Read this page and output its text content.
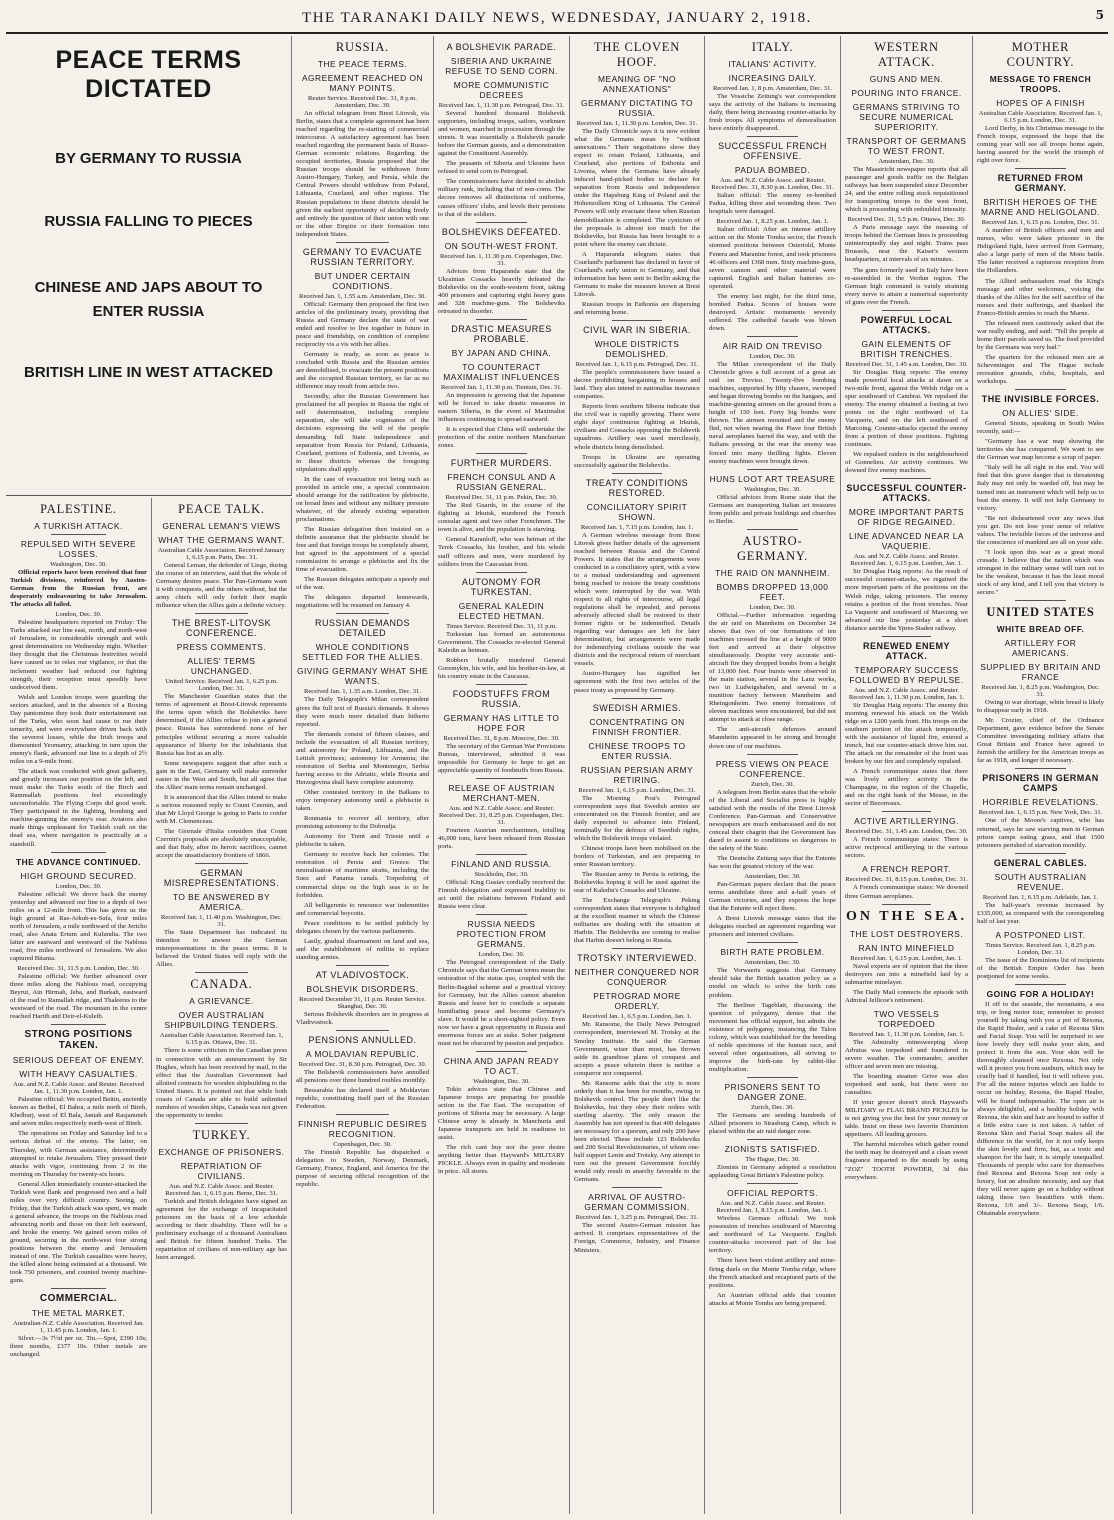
THE TARANAKI DAILY NEWS, WEDNESDAY, JANUARY 2, 1918.	5
PEACE TERMS DICTATED
BY GERMANY TO RUSSIA
RUSSIA FALLING TO PIECES
CHINESE AND JAPS ABOUT TO ENTER RUSSIA
BRITISH LINE IN WEST ATTACKED
PALESTINE.
A TURKISH ATTACK.
REPULSED WITH SEVERE LOSSES.
Washington, Dec. 30.

Official reports have been received that four Turkish divisions, reinforced by Austro-German from the Russian front, are desperately endeavouring to take Jerusalem. The attacks all failed.

London, Dec. 30.

Palestine headquarters reported on Friday: The Turks attacked our line east, north, and north-west of Jerusalem, in considerable strength and with great determination on Wednesday night. Whether they thought that the Christmas festivities would have caused us to relax our vigilance, or that the inclement weather had reduced our fighting strength, their reception must speedily have undeceived them.

Welsh and London troops were guarding the sectors attacked, and in the absence of a Boxing Day pantomime they took their entertainment out of the Turks, who soon had cause to rue their temerity, and were everywhere driven back with the severest losses, while the Irish troops and dismounted Yeomanry, attacking in turn upon the enemy's flank, advanced our line to a depth of 2½ miles on a 9-mile front.

The attack was conducted with great gallantry, and greatly increases our position on the left, and must make the Turks south of the Birch and Rammallah positions feel exceedingly uncomfortable. The Flying Corps did good work. They participated in the fighting, bombing and machine-gunning the enemy's rear. Aviators also made things unpleasant for Turkish craft on the dead sea, where navigation is practically at a standstill.

THE ADVANCE CONTINUED.
HIGH GROUND SECURED.
London, Dec. 30.

Palestine official: We drove back the enemy yesterday and advanced our line to a depth of two miles on a 12-mile front. This has given us the high ground at Ras-Arkub-es-Sufa, four miles north of Jerusalem, a mile northward of the Jericho road, also Anata Ertum and Kulundia. The two latter are eastward and westward of the Nablous road, five miles northward of Jerusalem. We also captured Bitania.

Received Dec. 31, 11.5 p.m. London, Dec. 30.

Palestine official: We further advanced over three miles along the Nablous road, occupying Beyrut, Ain Hirmah, Jeba, and Burkah, eastward of the road to Ramallah ridge, and Thaleeres to the westward of the road. The mountain in the centre reached Harith and Deir-el-Kuleib.

STRONG POSITIONS TAKEN.
SERIOUS DEFEAT OF ENEMY.
WITH HEAVY CASUALTIES.
Aus. and N.Z. Cable Assoc. and Reuter. Received Jan. 1, 11.30 p.m. London, Jan. 1.

Palestine official: We occupied Beitin, anciently known as Bethel, El Bahra, a mile north of Bireh, Khelburj, west of El Bala, Janiah and Rasjanuneh and seven miles respectively north-west of Bireh.

The operations on Friday and Saturday led to a serious defeat of the enemy. The latter, on Thursday, with German assistance, determinedly attempted to retake Jerusalem. They pressed their attacks with vigor, continuing from 2 in the morning on Thursday for twenty-six hours.

General Allen immediately counter-attacked the Turkish west flank and progressed two and a half miles over very difficult country. Seeing, on Friday, that the Turkish attack was spent, we made a general advance, the troops on the Nablous road advancing north and those on their left eastward, and broke the enemy. We gained seven miles of ground, securing in the north-west four strong positions between the enemy and Jerusalem instead of one. The Turkish casualties were heavy, the killed alone being estimated at a thousand. We took 750 prisoners, and counted twenty machine-guns.

COMMERCIAL.
THE METAL MARKET.
Australian-N.Z. Cable Association. Received Jan. 1, 11.45 p.m. London, Jan. 1.

Silver.—3s 7½d per oz. Tin.—Spot, £390 10s; three months, £377 10s. Other metals are unchanged.

PEACE TALK.
GENERAL LEMAN'S VIEWS
WHAT THE GERMANS WANT.
Australian Cable Association. Received January 1, 6.15 p.m. Paris, Dec. 31.

General Leman, the defender of Liege, during the course of an interview, said that the whole of Germany desires peace. The Pan-Germans want it with conquests, and the others without, but the army chiefs will only forfeit their maple influence when the Allies gain a definite victory.

THE BREST-LITOVSK CONFERENCE.
PRESS COMMENTS.
ALLIES' TERMS UNCHANGED.
United Service. Received Jan. 1, 6.25 p.m. London, Dec. 31.

The Manchester Guardian states that the terms of agreement at Brest-Litovsk represents the terms upon which the Bolsheviks have determined, if the Allies refuse to join a general peace. Russia has surrendered none of her principles without securing a more valuable appearance of liberty for the inhabitants that Russia has lost as an ally.

Some newspapers suggest that after such a gain in the East, Germany will make surrender easier in the West and South, but all agree that the Allies' main terms remain unchanged.

It is announced that the Allies intend to make a serious reasoned reply to Count Czernin, and that Mr Lloyd George is going to Paris to confer with M. Clemenceau.

The Giornale d'Italia considers that Count Czernin's proposals are absolutely unacceptable, and that Italy, after its heroic sacrifices, cannot accept the unsatisfactory frontiers of 1866.

GERMAN MISREPRESENTATIONS.
TO BE ANSWERED BY AMERICA.
Received Jan. 1, 11.40 p.m. Washington, Dec. 31.

The State Department has indicated its intention to answer the German misrepresentations in the peace terms. It is believed the United States will reply with the Allies.

CANADA.
A GRIEVANCE.
OVER AUSTRALIAN SHIPBUILDING TENDERS.
Australian Cable Association. Received Jan. 1, 6.15 p.m. Ottawa, Dec. 31.

There is some criticism in the Canadian press in connection with an announcement by Sir Hughes, which has been received by mail, to the effect that the Australian Government had allotted contracts for wooden shipbuilding to the United States. It is pointed out that while both coasts of Canada are able to build unlimited numbers of wooden ships, Canada was not given the opportunity to tender.

TURKEY.
EXCHANGE OF PRISONERS.
REPATRIATION OF CIVILIANS.
Aus. and N.Z. Cable Assoc. and Reuter. Received Jan. 1, 6.15 p.m. Berne, Dec. 31.

Turkish and British delegates have signed an agreement for the exchange of incapacitated prisoners on the basis of a low schedule according to their disability. There will be a preliminary exchange of a thousand Australians and British for fifteen hundred Turks. The repatriation of civilians of non-military age has been arranged.

RUSSIA.
THE PEACE TERMS.
AGREEMENT REACHED ON MANY POINTS.
Reuter Service. Received Dec. 31, 8 p.m. Amsterdam, Dec. 30.

An official telegram from Brest Litovsk, via Berlin, states that a complete agreement has been reached regarding the re-starting of commercial intercourse. A satisfactory agreement has been reached regarding the permanent basis of Russo-German economic relations. Regarding the occupied territories, Russia proposed that the Russian troops should be withdrawn from Austro-Hungary, Turkey, and Persia, while the Central Powers should withdraw from Poland, Lithuania, Courland, and other regions. The Russian populations in these districts should be given the earliest opportunity of deciding freely and entirely the question of their union with one or the other Empire or their formation into independent States.

GERMANY TO EVACUATE RUSSIAN TERRITORY.
BUT UNDER CERTAIN CONDITIONS.
Received Jan. 1, 1.55 a.m. Amsterdam, Dec. 30.

Official: Germany then proposed the first two articles of the preliminary treaty, providing that Russia and Germany declare the state of war ended and resolve to live together in future in peace and friendship, on condition of complete reciprocity vis a vis with her allies.

Germany is ready, as soon as peace is concluded with Russia and the Russian armies are demobilised, to evacuate the present positions and the occupied Russian territory, so far as no difference may result from article two.

Secondly, after the Russian Government has proclaimed for all peoples in Russia the right of self determination, including complete separation, she will take cognisance of the decisions expressing the will of the people demanding full State independence and separation from Russia for Poland, Lithuania, Courland, portions of Esthonia, and Livonia, as in these districts whereas the foregoing stipulations shall apply.

In the case of evacuation not being such as provided in article one, a special commission should arrange for the ratification by plebiscite, on broad lines and without any military pressure whatever, of the already existing separation proclamations.

The Russian delegation then insisted on a definite assurance that the plebiscite should be free and that foreign troops be completely absent, but agreed to the appointment of a special commission to arrange a plebiscite and fix the time of evacuation.

The Russian delegates anticipate a speedy end of the war.

The delegates departed homewards, negotiations will be resumed on January 4.

RUSSIAN DEMANDS DETAILED
WHOLE CONDITIONS SETTLED FOR THE ALLIES.
GIVING GERMANY WHAT SHE WANTS.
Received Jan. 1, 1.35 a.m. London, Dec. 31.

The Daily Telegraph's Milan correspondent gives the full text of Russia's demands. It shows they were much more detailed than hitherto reported.

The demands consist of fifteen clauses, and include the evacuation of all Russian territory, and autonomy for Poland, Lithuania, and the Lettish provinces; autonomy for Armenia; the restoration of Serbia and Montenegro, Serbia having access to the Adriatic, while Bosnia and Herzegovina shall have complete autonomy.

Other contested territory in the Balkans to enjoy temporary autonomy until a plebiscite is taken.

Roumania to recover all territory, after promising autonomy to the Dobrudja.

Autonomy for Trent and Trieste until a plebiscite is taken.

Germany to receive back her colonies. The restoration of Persia and Greece. The neutralisation of maritime straits, including the Suez and Panama canals. Torpedoing of commercial ships on the high seas is to be forbidden.

All belligerents to renounce war indemnities and commercial boycotts.

Peace conditions to be settled publicly by delegates chosen by the various parliaments.

Lastly, gradual disarmament on land and sea, and the establishment of militia to replace standing armies.

AT VLADIVOSTOCK.
BOLSHEVIK DISORDERS.
Received December 31, 11 p.m. Reuter Service. Shanghai, Dec. 30.

Serious Bolshevik disorders are in progress at Vladivostock.

PENSIONS ANNULLED.
A MOLDAVIAN REPUBLIC.
Received Dec. 31, 8.30 p.m. Petrograd, Dec. 30.

The Bolshevik commissioners have annulled all pensions over three hundred roubles monthly.

Bessarabia has declared itself a Moldavian republic, constituting itself part of the Russian Federation.

FINNISH REPUBLIC DESIRES RECOGNITION.
Copenhagen, Dec. 30.

The Finnish Republic has dispatched a delegation to Sweden, Norway, Denmark, Germany, France, England, and America for the purpose of securing official recognition of the republic.

A BOLSHEVIK PARADE.
SIBERIA AND UKRAINE REFUSE TO SEND CORN.
MORE COMMUNISTIC DECREES
Received Jan. 1, 11.30 p.m. Petrograd, Dec. 31.

Several hundred thousand Bolshevik supporters, including troops, sailors, workmen and women, marched in procession through the streets. It was essentially a Bolshevik parade before the German guests, and a demonstration against the Constituent Assembly.

The peasants of Siberia and Ukraine have refused to send corn to Petrograd.

The commissioners have decided to abolish military rank, including that of non-coms. The decree removes all distinctions of uniforms, causes officers' clubs, and levels their pensions to that of the soldiers.

BOLSHEVIKS DEFEATED.
ON SOUTH-WEST FRONT.
Received Jan. 1, 11.30 p.m. Copenhagen, Dec. 31.

Advices from Haparanda state that the Ukrainian Cossacks heavily defeated the Bolsheviks on the south-western front, taking 400 prisoners and capturing eight heavy guns and 328 machine-guns. The Bolsheviks retreated in disorder.

DRASTIC MEASURES PROBABLE.
BY JAPAN AND CHINA.
TO COUNTERACT MAXIMALIST INFLUENCES
Received Jan. 1, 11.30 p.m. Tientsin, Dec. 31.

An impression is growing that the Japanese will be forced to take drastic measures in eastern Siberia, in the event of Maximalist influences continuing to spread eastward.

It is expected that China will undertake the protection of the entire northern Manchurian zones.

FURTHER MURDERS.
FRENCH CONSUL AND A RUSSIAN GENERAL.
Received Dec. 31, 11 p.m. Pekin, Dec. 30.

The Red Guards, in the course of the fighting at Irkutsk, murdered the French consular agent and two other Frenchmen. The town is alive, and the population is starving.

General Karanloff, who was hetman of the Terek Cossacks, his brother, and his whole staff officers and men, were murdered by soldiers from the Caucasian front.

AUTONOMY FOR TURKESTAN.
GENERAL KALEDIN ELECTED HETMAN.
Times Service. Received Dec. 31, 11 p.m.

Turkestan has formed an autonomous Government. The Cossacks re-elected General Kaledin as hetman.

Robbers brutally murdered General Goremykin, his wife, and his brother-in-law, at his country estate in the Caucasus.

FOODSTUFFS FROM RUSSIA.
GERMANY HAS LITTLE TO HOPE FOR
Received Dec. 31, 8 p.m. Moscow, Dec. 30.

The secretary of the German War Provisions Bureau, interviewed, admitted it was impossible for Germany to hope to get an appreciable quantity of foodstuffs from Russia.

RELEASE OF AUSTRIAN MERCHANT-MEN.
Aus. and N.Z. Cable Assoc. and Reuter. Received Dec. 31, 8.25 p.m. Copenhagen, Dec. 31.

Fourteen Austrian merchantmen, totalling 46,000 tons, have been released from Russian ports.

FINLAND AND RUSSIA.
Stockholm, Dec. 30.

Official: King Gustav cordially received the Finnish delegation and expressed inability to act until the relations between Finland and Russia were clear.

RUSSIA NEEDS PROTECTION FROM GERMANS.
London, Dec. 30.

The Petrograd correspondent of the Daily Chronicle says that the German terms mean the restoration of the status quo, coupled with the Berlin-Bagdad scheme and a practical victory for Germany, but the Allies cannot abandon Russia and leave her to conclude a separate humiliating peace and become Germany's slave. It would be a short-sighted policy. Even now we have a great opportunity in Russia and enormous forces are at stake. Sober judgment must not be obscured by passion and prejudice.

CHINA AND JAPAN READY TO ACT.
Washington, Dec. 30.

Tokio advices state that Chinese and Japanese troops are preparing for possible action in the Far East. The occupation of portions of Siberia may be necessary. A large Chinese army is already in Manchuria and Japanese transports are held in readiness to assist.

The rich cant buy nor the poor desire anything better than Hayward's MILITARY PICKLE. Always even in quality and moderate in price. All stores.

THE CLOVEN HOOF.
MEANING OF "NO ANNEXATIONS"
GERMANY DICTATING TO RUSSIA.
Received Jan. 1, 11.30 p.m. London, Dec. 31.

The Daily Chronicle says it is now evident what the Germans mean by "without annexations." Their negotiations show they expect to retain Poland, Lithuania, and Courland, also portions of Esthonia and Livonia, where the Germans have already induced hand-picked bodies to declare for separation from Russia and independence under the Hapsburg King of Poland and the Hohenzollern King of Lithuania. The Central Powers will only evacuate these when Russian demobilisation is completed. The cynicism of the proposals is almost too much for the Bolsheviks, but Russia has been brought to a point where the enemy can dictate.

A Haparanda telegram states that Courland's parliament has declared in favor of Courland's early union to Germany, and that information has been sent to Berlin asking the Germans to make the measure known at Brest Litovsk.

Russian troops in Esthonia are dispersing and returning home.

CIVIL WAR IN SIBERIA.
WHOLE DISTRICTS DEMOLISHED.
Received Jan. 1, 6.15 p.m. Petrograd, Dec. 31.

The people's commissioners have issued a decree prohibiting bargaining in houses and land. They also intend to nationalise insurance companies.

Reports from southern Siberia indicate that the civil war is rapidly growing. There were eight days' continuous fighting at Irkutsk, civilians and Cossacks opposing the Bolshevik squadrons. Artillery was used mercilessly, whole districts being demolished.

Troops in Ukraine are operating successfully against the Bolsheviks.

TREATY CONDITIONS RESTORED.
CONCILIATORY SPIRIT SHOWN.
Received Jan. 1, 7.15 p.m. London, Jan. 1.

A German wireless message from Brest Litovsk gives further details of the agreement reached between Russia and the Central Powers. It states that the arrangements were conducted in a conciliatory spirit, with a view to a mutual understanding and agreement being reached to restore the treaty conditions which were interrupted by the war. With respect to all rights of intercourse, all legal regulations shall be repealed, and persons adversely affected shall be restored to their former rights or be indemnified. Details regarding war damages are left for later determination, but arrangements were made for indemnifying civilians outside the war districts and the reciprocal return of merchant vessels.

Austro-Hungary has signified her agreement with the first two articles of the peace treaty as proposed by Germany.

SWEDISH ARMIES.
CONCENTRATING ON FINNISH FRONTIER.
CHINESE TROOPS TO ENTER RUSSIA.
RUSSIAN PERSIAN ARMY RETIRING.
Received Jan. 1, 6.15 p.m. London, Dec. 31.

The Morning Post's Petrograd correspondent says that Swedish armies are concentrated on the Finnish frontier, and are daily expected to advance into Finland, nominally for the defence of Swedish rights, which the Bolshevik troops violated.

Chinese troops have been mobilised on the borders of Turkestan, and are preparing to enter Russian territory.

The Russian army in Persia is retiring, the Bolsheviks hoping it will be used against the rear of Kaledin's Cossacks and Ukraine.

The Exchange Telegraph's Peking correspondent states that everyone is delighted at the excellent manner in which the Chinese militaries are dealing with the situation at Harbin. The Bolsheviks are coming to realise that Harbin doesn't belong to Russia.

TROTSKY INTERVIEWED.
NEITHER CONQUERED NOR CONQUEROR
PETROGRAD MORE ORDERLY.
Received Jan. 1, 6.5 p.m. London, Jan. 1.

Mr. Ransome, the Daily News Petrograd correspondent, interviewed M. Trotsky at the Smolny Institute. He said the German Government, wiser than most, has thrown aside its grandiose plans of conquest and accepts a peace wherein there is neither a conqueror nor conquered.

Mr. Ransome adds that the city is more orderly than it has been for months, owing to Bolshevik control. The people don't like the Bolsheviks, but they obey their orders with startling alacrity. The only reason the Assembly has not opened is that 400 delegates are necessary for a quorum, and only 200 have been elected. These include 123 Bolsheviks and 200 Social Revolutionaries, of whom one-half support Lenin and Trotsky. Any attempt to turn out the present Government forcibly would only result in anarchy favorable to the Germans.

ARRIVAL OF AUSTRO-GERMAN COMMISSION.
Received Jan. 1, 3.25 p.m. Petrograd, Dec. 31.

The second Austro-German mission has arrived. It comprises representatives of the Foreign, Commerce, Industry, and Finance Ministers.

ITALY.
ITALIANS' ACTIVITY.
INCREASING DAILY.
Received Jan. 1, 8 p.m. Amsterdam, Dec. 31.

The Vossiche Zeitung's war correspondent says the activity of the Italians is increasing daily, there being increasing counter-attacks by fresh troops. All symptoms of demoralisation have entirely disappeared.

SUCCESSFUL FRENCH OFFENSIVE.
PADUA BOMBED.
Aus. and N.Z. Cable Assoc. and Reuter. Received Dec. 31, 8.30 p.m. London, Dec. 31.

Italian official: The enemy re-bombed Padua, killing three and wounding three. Two hospitals were damaged.

Received Jan. 1, 8.25 p.m. London, Jan. 1.

Italian official: After an intense artillery action on the Monte Tomba sector, the French stormed positions between Osteriold, Monte Fenera and Maranine forest, and took prisoners 46 officers and 1368 men. Sixty machine-guns, seven cannon and other material were captured. English and Italian batteries co-operated.

The enemy last night, for the third time, bombed Padua. Scores of houses were destroyed. Artistic monuments severely suffered. The cathedral facade was blown down.

AIR RAID ON TREVISO
London, Dec. 30.

The Milan correspondent of the Daily Chronicle gives a full account of a great air raid on Treviso. Twenty-five bombing machines, supported by fifty chasers, swooped and began throwing bombs on the hangars, and machine-gunning airmen on the ground from a height of 150 feet. Forty big bombs were thrown. The airmen mounted and the enemy fled, not when nearing the Piave four British naval aeroplanes barred the way, and with the Italians pressing in the rear the enemy was forced into many thrilling fights. Eleven enemy machines were brought down.

HUNS LOOT ART TREASURE
Washington, Dec. 30.

Official advices from Rome state that the Germans are transporting Italian art treasures from public and private buildings and churches to Berlin.

AUSTRO-GERMANY.
THE RAID ON MANNHEIM.
BOMBS DROPPED 13,000 FEET.
London, Dec. 30.

Official.—Further information regarding the air raid on Mannheim on December 24 shows that two of our formations of ten machines crossed the line at a height of 9000 feet and arrived at their objective simultaneously. Despite very accurate anti-aircraft fire they dropped bombs from a height of 13,000 feet. Four bursts were observed in the main station, several in the Lanz works, two in Ludwigshafen, and several in a munition factory between Mannheim and Rheingonheim. Two enemy formations of eleven machines were encountered, but did not attempt to attack at close range.

The anti-aircraft defences around Mannheim appeared to be strong and brought down one of our machines.

PRESS VIEWS ON PEACE CONFERENCE.
Zurich, Dec. 30.

A telegram from Berlin states that the whole of the Liberal and Socialist press is highly satisfied with the results of the Brest Litovsk Conference. Pan-German and Conservative newspapers are much embarrassed and do not conceal their chagrin that the Government has dared to assent to conditions so dangerous to the safety of the State.

The Deutsche Zeitung says that the Entente has won the greatest victory of the war.

Amsterdam, Dec. 30.

Pan-German papers declare that the peace terms annihilate three and a-half years of German victories, and they express the hope that the Entente will reject them.

A Brest Litovsk message states that the delegates reached an agreement regarding war prisoners and interned civilians.

BIRTH RATE PROBLEM.
Amsterdam, Dec. 30.

The Vorwaerts suggests that Germany should take the British taxation policy as a model on which to solve the birth rate problem.

The Berliner Tageblatt, discussing the question of polygamy, denies that the movement has official support, but admits the existence of polygamy, instancing the Talon colony, which was established for the breeding of noble specimens of the human race, and several other organisations, all striving to improve the birth-rate by rabbit-like multiplication.

PRISONERS SENT TO DANGER ZONE.
Zurich, Dec. 30.

The Germans are sending hundreds of Allied prisoners to Strasburg Camp, which is placed within the air raid danger zone.

ZIONISTS SATISFIED.
The Hague, Dec. 30.

Zionists in Germany adopted a resolution applauding Great Britain's Palestine policy.

OFFICIAL REPORTS.
Aus. and N.Z. Cable Assoc. and Reuter. Received Jan. 1, 8.15 p.m. London, Jan. 1.

Wireless German official: We took possession of trenches southward of Marcoing and northward of La Vacquerie. English counter-attacks recovered part of the lost territory.

There have been violent artillery and mine-firing duels on the Monte Tomba ridge, where the French attacked and recaptured parts of the positions.

An Austrian official adds that counter attacks at Monte Tomba are being prepared.

WESTERN ATTACK.
GUNS AND MEN.
POURING INTO FRANCE.
GERMANS STRIVING TO SECURE NUMERICAL SUPERIORITY.
TRANSPORT OF GERMANS TO WEST FRONT.
Amsterdam, Dec. 30.

The Maastricht newspaper reports that all passenger and goods traffic on the Belgian railways has been suspended since December 24, and the entire rolling stock requisitioned for transporting troops to the west front, which is proceeding with redoubled intensity.

Received Dec. 31, 5.5 p.m. Ottawa, Dec. 30.

A Paris message says the massing of troops behind the German lines is proceeding uninterruptedly day and night. Trains pass Brussels, near the Kaiser's western headquarters, at intervals of six minutes.

The guns formerly used in Italy have been re-assembled in the Verdun region. The German high command is vainly straining every nerve to attain a numerical superiority of guns over the French.

POWERFUL LOCAL ATTACKS.
GAIN ELEMENTS OF BRITISH TRENCHES.
Received Dec. 31, 1.45 a.m. London, Dec. 30.

Sir Douglas Haig reports: The enemy made powerful local attacks at dawn on a two-mile front, against the Welsh ridge on a spur southward of Cambrai. We repulsed the enemy. The enemy obtained a footing at two points on the right northward of La Vacquerie, and on the left southward of Marcoing. Counter-attacks ejected the enemy from a portion of these positions. Fighting continues.

We repulsed raiders in the neighbourhood of Gonnelieu. Air activity continues. We downed five enemy machines.

SUCCESSFUL COUNTER-ATTACKS.
MORE IMPORTANT PARTS OF RIDGE REGAINED.
LINE ADVANCED NEAR LA VAQUERIE.
Aus. and N.Z. Cable Assoc. and Reuter. Received Jan. 1, 6.15 p.m. London, Jan. 1.

Sir Douglas Haig reports: As the result of successful counter-attacks, we regained the more important parts of the positions on the Welsh ridge, taking prisoners. The enemy retains a portion of the front trenches. Near La Vaquerie and southward of Marcoing we advanced our line yesterday at a short distance astride the Ypres-Staden railway.

RENEWED ENEMY ATTACK.
TEMPORARY SUCCESS FOLLOWED BY REPULSE.
Aus. and N.Z. Cable Assoc. and Reuter. Received Jan. 1, 11.30 p.m. London, Jan. 1.

Sir Douglas Haig reports: The enemy this morning renewed his attack on the Welsh ridge on a 1200 yards front. His troops on the southern portion of the attack temporarily, with the assistance of liquid fire, entered a trench, but our counter-attack drove him out. The attack on the remainder of the front was broken by our fire and completely repulsed.

A French communique states that there was lively artillery activity in the Champagne, in the region of the Chapelle, and on the right bank of the Meuse, in the sector of Bezonvaux.

ACTIVE ARTILLERYING.
Received Dec. 31, 1.45 a.m. London, Dec. 30.

A French communique states: There is active reciprocal artillerying in the various sectors.

A FRENCH REPORT.
Received Dec. 31, 8.15 p.m. London, Dec. 31.

A French communique states: We downed three German aeroplanes.

ON THE SEA.
THE LOST DESTROYERS.
RAN INTO MINEFIELD
Received Jan. 1, 6.15 p.m. London, Jan. 1.

Naval experts are of opinion that the three destroyers ran into a minefield laid by a submarine minelayer.

The Daily Mail connects the episode with Admiral Jellicoe's retirement.

TWO VESSELS TORPEDOED
Received Jan. 1, 11.30 p.m. London, Jan. 1.

The Admiralty minesweeping sloop Arbutus was torpedoed and foundered in severe weather. The commander, another officer and seven men are missing.

The boarding steamer Grive was also torpedoed and sunk, but there were no casualties.

If your grocer doesn't stock Hayward's MILITARY or FLAG BRAND PICKLES he is not giving you the best for your money or table. Insist on these two favorite Dominion appetisers. All leading grocers.

The harmful microbes which gather round the teeth may be destroyed and a clean sweet fragrance imparted to the mouth by using "ZOZ" TOOTH POWDER, 3d this everywhere.

MOTHER COUNTRY.
MESSAGE TO FRENCH TROOPS.
HOPES OF A FINISH
Australian Cable Association. Received Jan. 1, 6.15 p.m. London, Dec. 31.

Lord Derby, in his Christmas message to the French troops, expressed the hope that the coming year will see all troops home again, having assured for the world the triumph of right over force.

RETURNED FROM GERMANY.
BRITISH HEROES OF THE MARNE AND HELIGOLAND.
Received Jan. 1, 6.15 p.m. London, Dec. 31.

A number of British officers and men and nurses, who were taken prisoner in the Heligoland fight, have arrived from Germany, also a large party of men of the Mons battle. The latter received a rapturous reception from the Hollanders.

The Allied ambassadors read the King's message and other welcomes, voicing the thanks of the Allies for the self sacrifice of the nurses and their sufferings, and thanked the Franco-British armies to reach the Marne.

The released men cautiously asked that the war really ending, and said: "Tell the people at home their parcels saved us. The food provided by the Germans was very bad."

The quarters for the released men are at Scheveningen and The Hague include recreation grounds, clubs, hospitals, and workshops.

THE INVISIBLE FORCES.
ON ALLIES' SIDE.

General Smuts, speaking in South Wales recently, said:—

"Germany has a war map showing the territories she has conquered. We want to see the German war map become a scrap of paper.

"Italy will be all right in the end. You will find that this grave danger that is threatening Italy may not only be warded off, but may be turned into an instrument which will help us to beat the enemy. It will not help Germany to victory.

"Be not disheartened over any news that you get. Do not lose your sense of relative values. The invisible forces of the universe and the conscience of mankind are all on your side.

"I look upon this war as a great moral crusade. I believe that the nation which was strongest in the military sense will turn out to be the weakest, because it has the least moral stock of any kind, and I tell you that victory is secure."

UNITED STATES
WHITE BREAD OFF.
ARTILLERY FOR AMERICANS.
SUPPLIED BY BRITAIN AND FRANCE
Received Jan. 1, 8.25 p.m. Washington, Dec. 31.

Owing to war shortage, white bread is likely to disappear early in 1918.

Mr. Crozier, chief of the Ordnance Department, gave evidence before the Senate Committee investigating military affairs that Great Britain and France have agreed to furnish the artillery for the American troops as far as 1918, and longer if necessary.

PRISONERS IN GERMAN CAMPS
HORRIBLE REVELATIONS.
Received Jan. 1, 6.15 p.m. New York, Dec. 31.

One of the Moore's captives, who has returned, says he saw starving men in German prison camps eating grass, and that 1500 prisoners perished of starvation monthly.

GENERAL CABLES.
SOUTH AUSTRALIAN REVENUE.
Received Jan. 1, 6.15 p.m. Adelaide, Jan. 1.

The half-year's revenue increased by £335,000, as compared with the corresponding half of last year.

A POSTPONED LIST.
Times Service. Received Jan. 1, 8.25 p.m. London, Dec. 31.

The issue of the Dominions list of recipients of the British Empire Order has been postponed for some weeks.

GOING FOR A HOLIDAY!

If off to the seaside, the mountains, a sea trip, or long motor tour, remember to protect yourself by taking with you a pot of Rexona, the Rapid Healer, and a cake of Rexona Skin and Facial Soap. You will be surprised to see how lovely they will make your skin, and protect it from the sun. Your skin will be thoroughly cleansed once Rexona. Not only will it protect you from sunburn, which may be cruelly bad if handled, but it will relieve you. For all the minor injuries which are liable to occur on holiday, Rexona, the Rapid Healer, will be found indispensable. The open air is always delightful, and a healthy holiday with Rexona, the skin and hair are bound to suffer if a little extra care is not taken. A tablet of Rexona Skin and Facial Soap makes all the difference in the world, for it not only keeps the skin lovely and firm, but, as a tonic and shampoo for the hair, it is simply unequalled. Thousands of people who care for themselves find Rexona and Rexona Soap not only a luxury, but an absolute necessity, and say that they will never again go on a holiday without taking these two beautifiers with them. Rexona, 1/6 and 3/-. Rexona Soap, 1/6. Obtainable everywhere.
